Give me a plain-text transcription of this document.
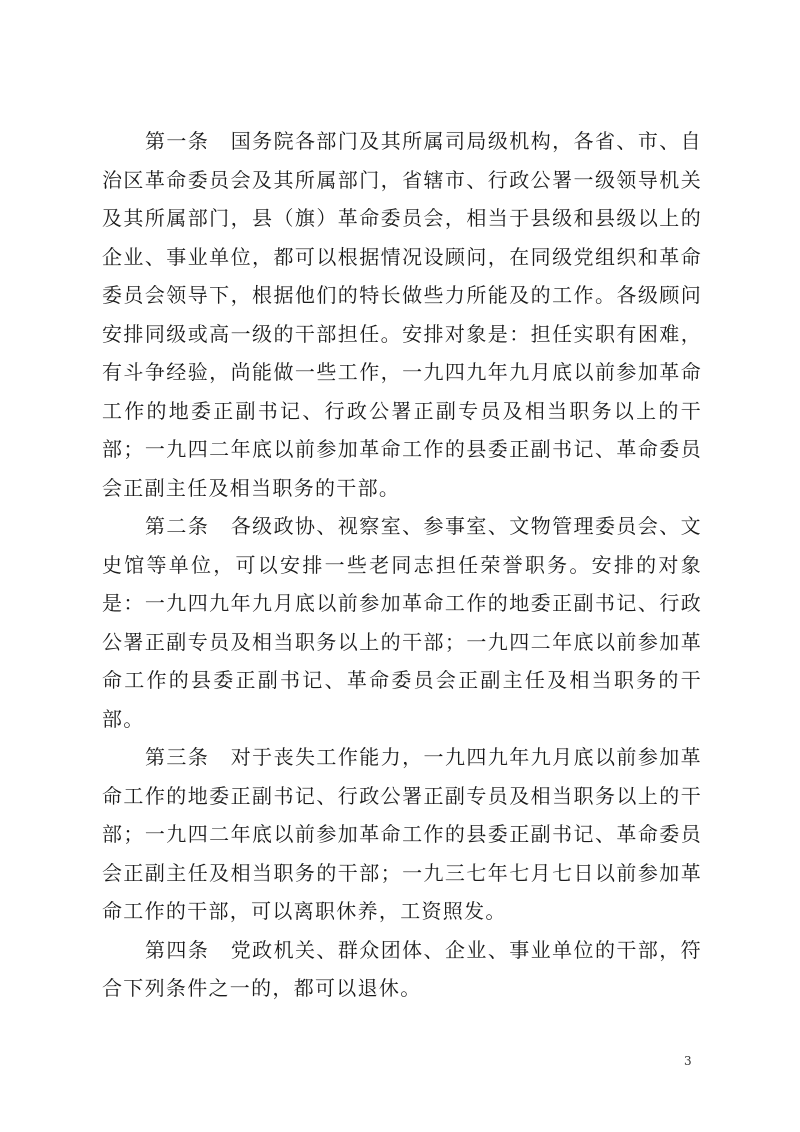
第一条　国务院各部门及其所属司局级机构，各省、市、自治区革命委员会及其所属部门，省辖市、行政公署一级领导机关及其所属部门，县（旗）革命委员会，相当于县级和县级以上的企业、事业单位，都可以根据情况设顾问，在同级党组织和革命委员会领导下，根据他们的特长做些力所能及的工作。各级顾问安排同级或高一级的干部担任。安排对象是：担任实职有困难，有斗争经验，尚能做一些工作，一九四九年九月底以前参加革命工作的地委正副书记、行政公署正副专员及相当职务以上的干部；一九四二年底以前参加革命工作的县委正副书记、革命委员会正副主任及相当职务的干部。

第二条　各级政协、视察室、参事室、文物管理委员会、文史馆等单位，可以安排一些老同志担任荣誉职务。安排的对象是：一九四九年九月底以前参加革命工作的地委正副书记、行政公署正副专员及相当职务以上的干部；一九四二年底以前参加革命工作的县委正副书记、革命委员会正副主任及相当职务的干部。

第三条　对于丧失工作能力，一九四九年九月底以前参加革命工作的地委正副书记、行政公署正副专员及相当职务以上的干部；一九四二年底以前参加革命工作的县委正副书记、革命委员会正副主任及相当职务的干部；一九三七年七月七日以前参加革命工作的干部，可以离职休养，工资照发。

第四条　党政机关、群众团体、企业、事业单位的干部，符合下列条件之一的，都可以退休。

3
